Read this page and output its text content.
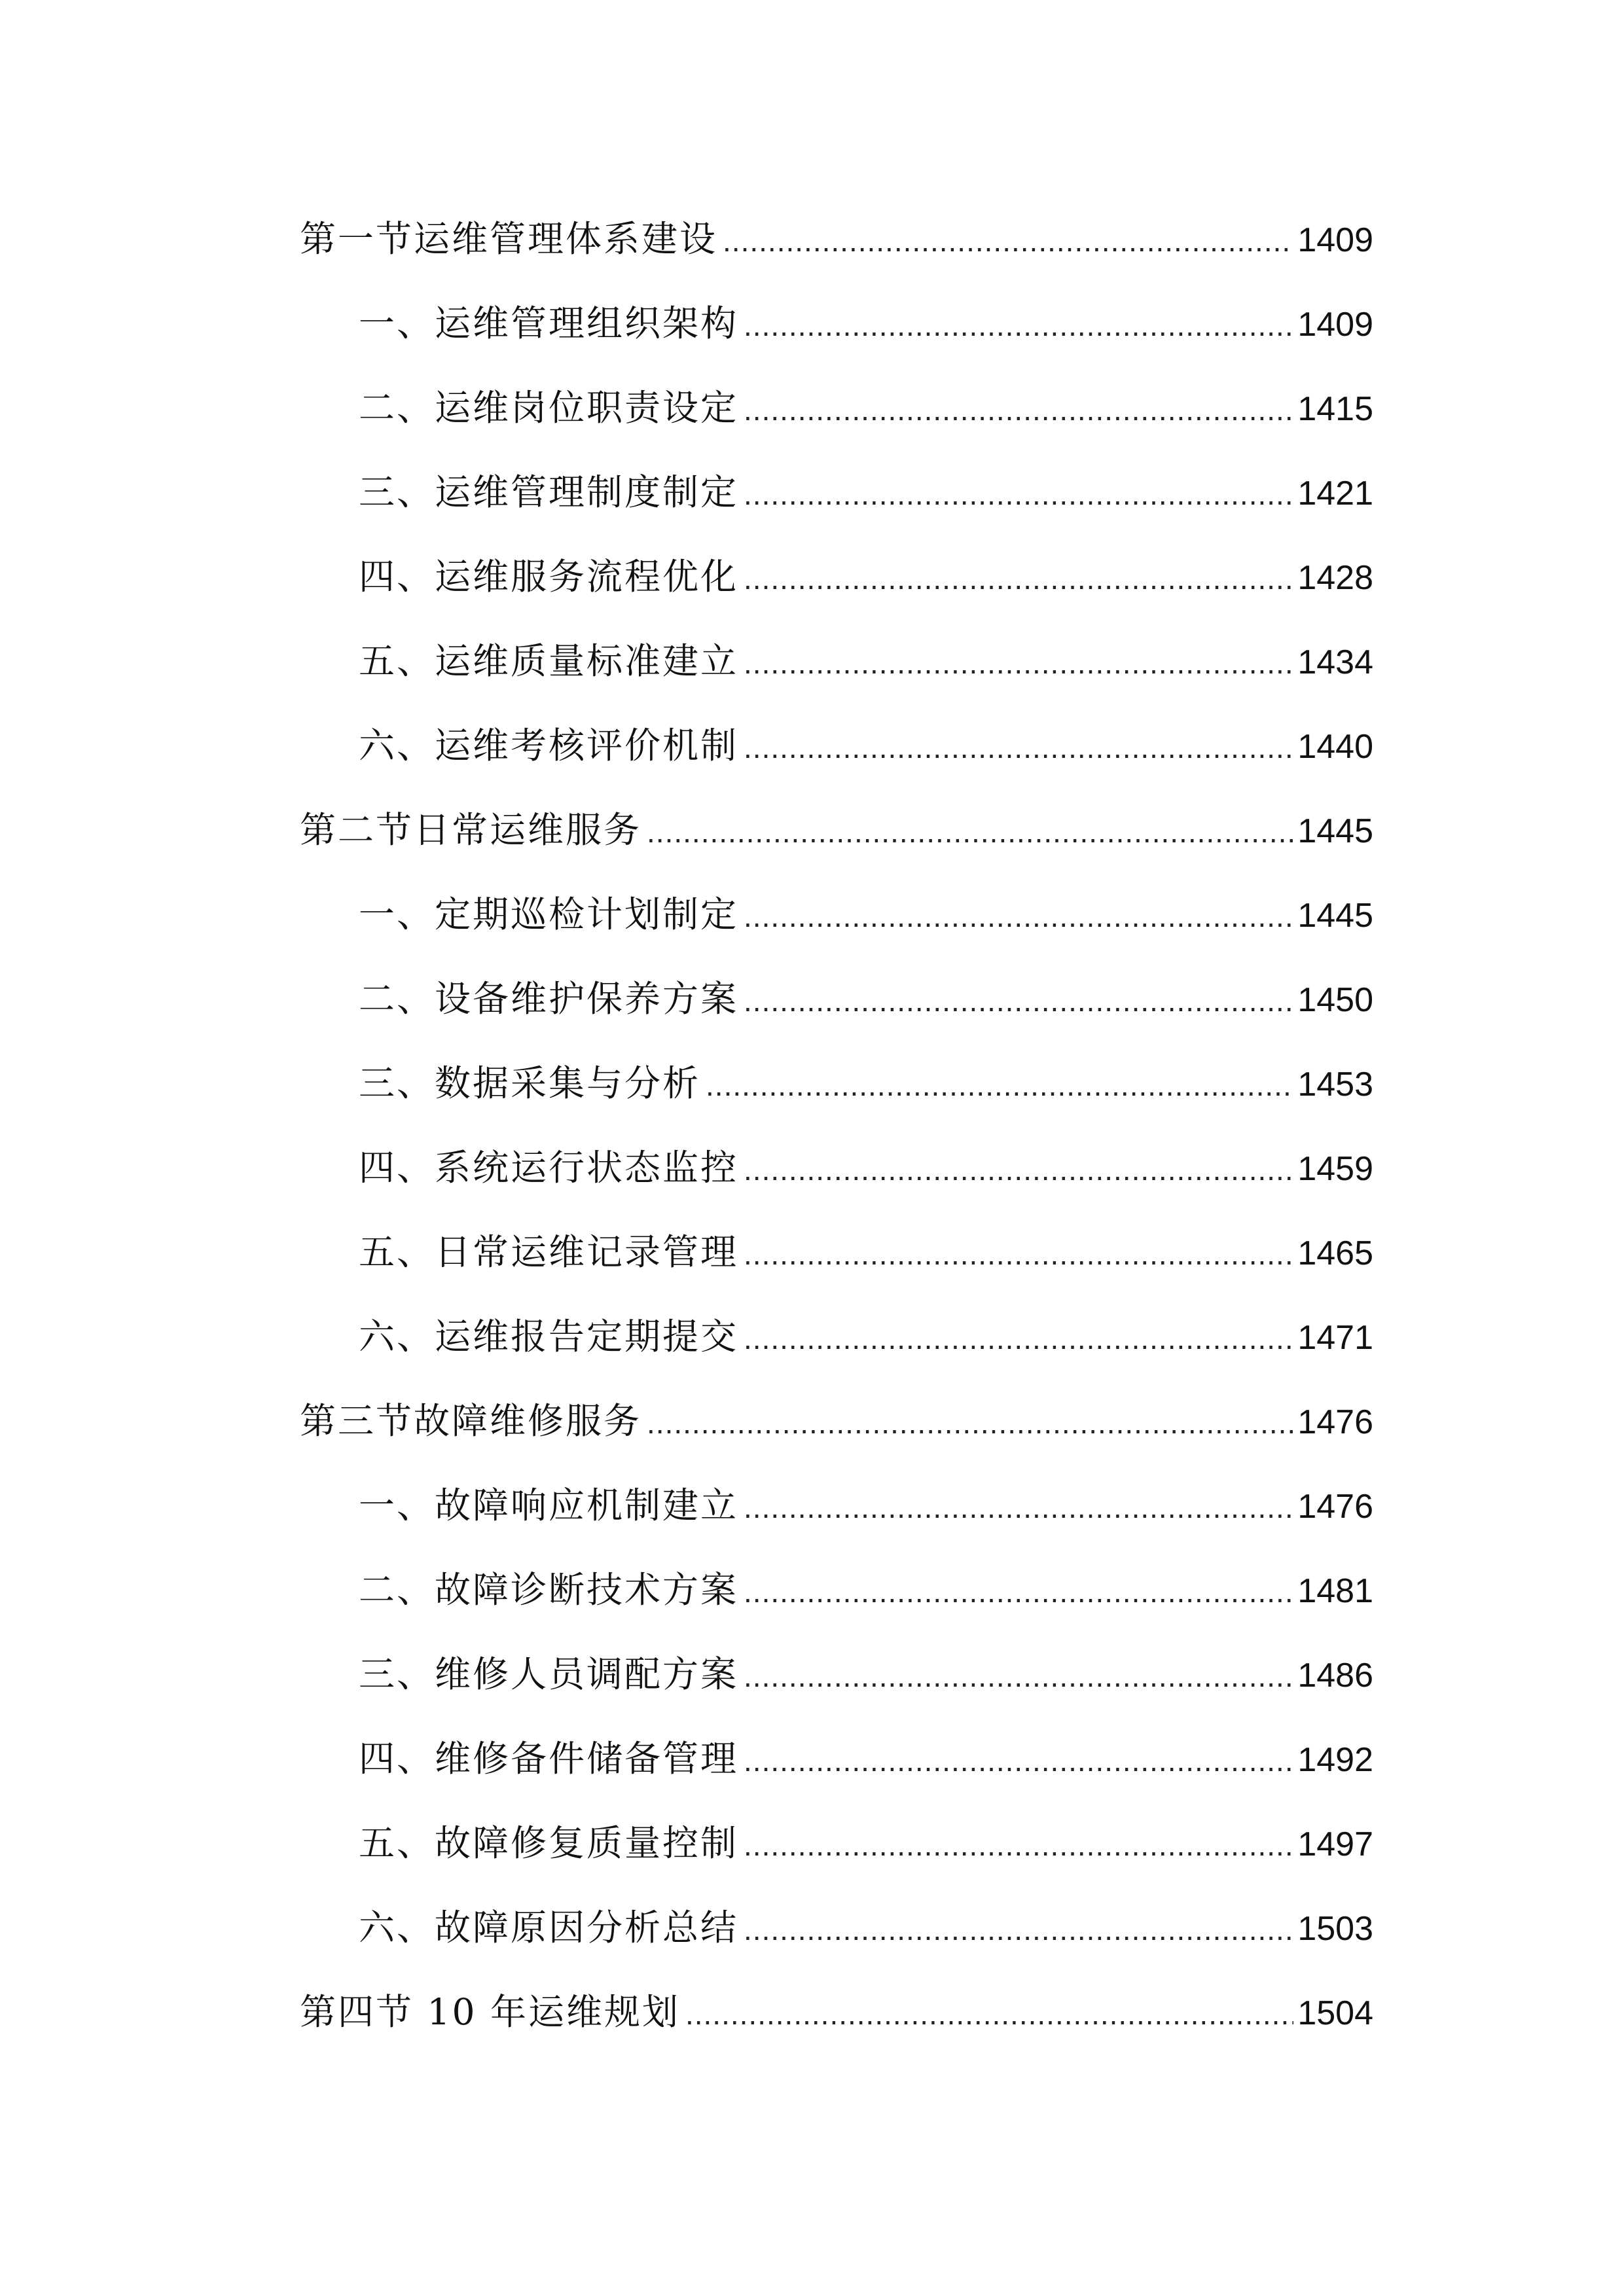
第一节运维管理体系建设 .....	1409
一、运维管理组织架构 .....	1409
二、运维岗位职责设定 .....	1415
三、运维管理制度制定 .....	1421
四、运维服务流程优化 .....	1428
五、运维质量标准建立 .....	1434
六、运维考核评价机制 .....	1440
第二节日常运维服务 .....	1445
一、定期巡检计划制定 .....	1445
二、设备维护保养方案 .....	1450
三、数据采集与分析 .....	1453
四、系统运行状态监控 .....	1459
五、日常运维记录管理 .....	1465
六、运维报告定期提交 .....	1471
第三节故障维修服务 .....	1476
一、故障响应机制建立 .....	1476
二、故障诊断技术方案 .....	1481
三、维修人员调配方案 .....	1486
四、维修备件储备管理 .....	1492
五、故障修复质量控制 .....	1497
六、故障原因分析总结 .....	1503
第四节 10 年运维规划 .....	1504
